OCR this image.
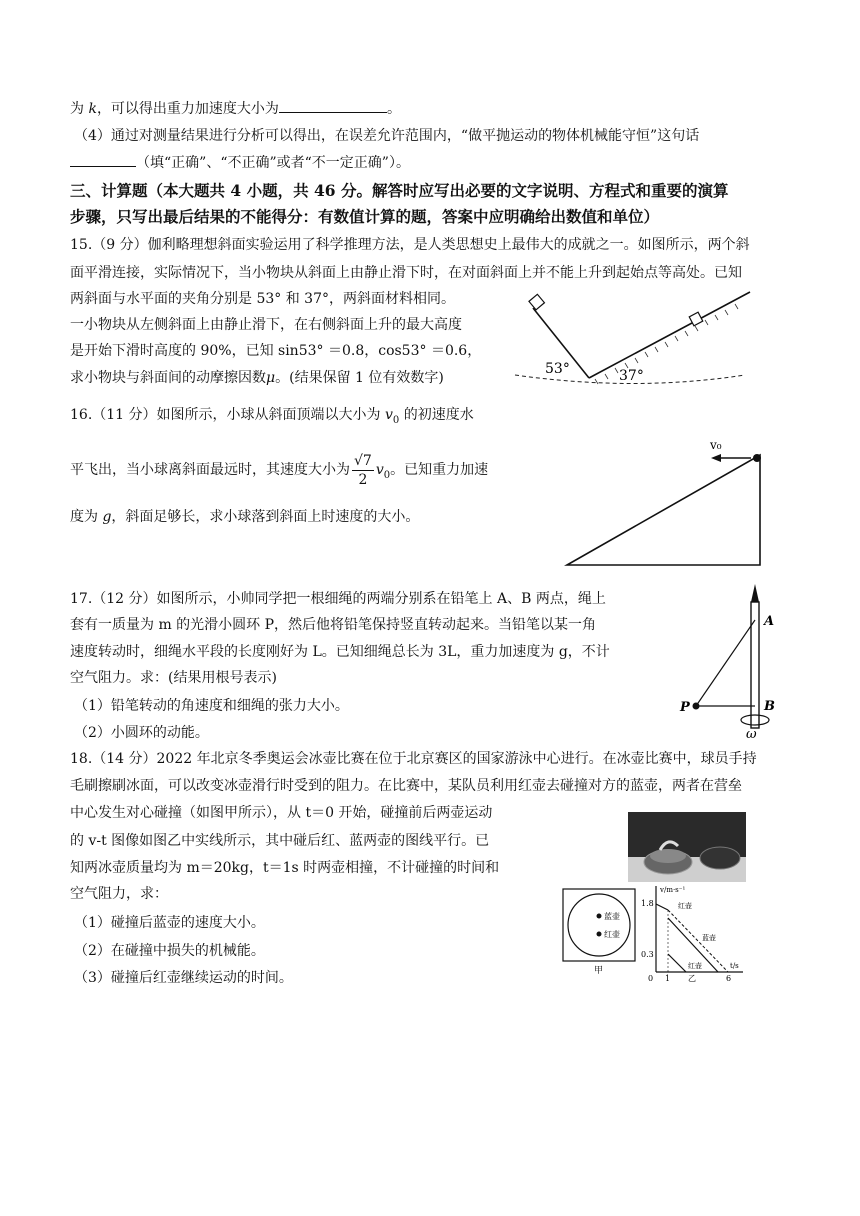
为 k，可以得出重力加速度大小为	。
（4）通过对测量结果进行分析可以得出，在误差允许范围内，“做平抛运动的物体机械能守恒”这句话
（填“正确”、“不正确”或者“不一定正确”）。
三、计算题（本大题共 4 小题，共 46 分。解答时应写出必要的文字说明、方程式和重要的演算
步骤，只写出最后结果的不能得分：有数值计算的题，答案中应明确给出数值和单位）
15.（9 分）伽利略理想斜面实验运用了科学推理方法，是人类思想史上最伟大的成就之一。如图所示，两个斜
面平滑连接，实际情况下，当小物块从斜面上由静止滑下时，在对面斜面上并不能上升到起始点等高处。已知
两斜面与水平面的夹角分别是 53° 和 37°，两斜面材料相同。
一小物块从左侧斜面上由静止滑下，在右侧斜面上升的最大高度
是开始下滑时高度的 90%，已知 sin53° ＝0.8，cos53° ＝0.6，
求小物块与斜面间的动摩擦因数μ。(结果保留 1 位有效数字)
53°	37°
16.（11 分）如图所示，小球从斜面顶端以大小为 $v_0$ 的初速度水
平飞出，当小球离斜面最远时，其速度大小为 $\frac{√7}{2} v_0$。已知重力加速
度为 g，斜面足够长，求小球落到斜面上时速度的大小。
v₀
17.（12 分）如图所示，小帅同学把一根细绳的两端分别系在铅笔上 A、B 两点，绳上
套有一质量为 m 的光滑小圆环 P，然后他将铅笔保持竖直转动起来。当铅笔以某一角
速度转动时，细绳水平段的长度刚好为 L。已知细绳总长为 3L，重力加速度为 g，不计
空气阻力。求：(结果用根号表示)
（1）铅笔转动的角速度和细绳的张力大小。
（2）小圆环的动能。
A
B
P
ω
18.（14 分）2022 年北京冬季奥运会冰壶比赛在位于北京赛区的国家游泳中心进行。在冰壶比赛中，球员手持
毛刷擦刷冰面，可以改变冰壶滑行时受到的阻力。在比赛中，某队员利用红壶去碰撞对方的蓝壶，两者在营垒
中心发生对心碰撞（如图甲所示），从 t＝0 开始，碰撞前后两壶运动
的 v-t 图像如图乙中实线所示，其中碰后红、蓝两壶的图线平行。已
知两冰壶质量均为 m＝20kg，t＝1s 时两壶相撞，不计碰撞的时间和
空气阻力，求：
（1）碰撞后蓝壶的速度大小。
（2）在碰撞中损失的机械能。
（3）碰撞后红壶继续运动的时间。
蓝壶
红壶
甲
v/m·s⁻¹
t/s
1.8
0.3
0 1	6
红壶
蓝壶
红壶
乙
